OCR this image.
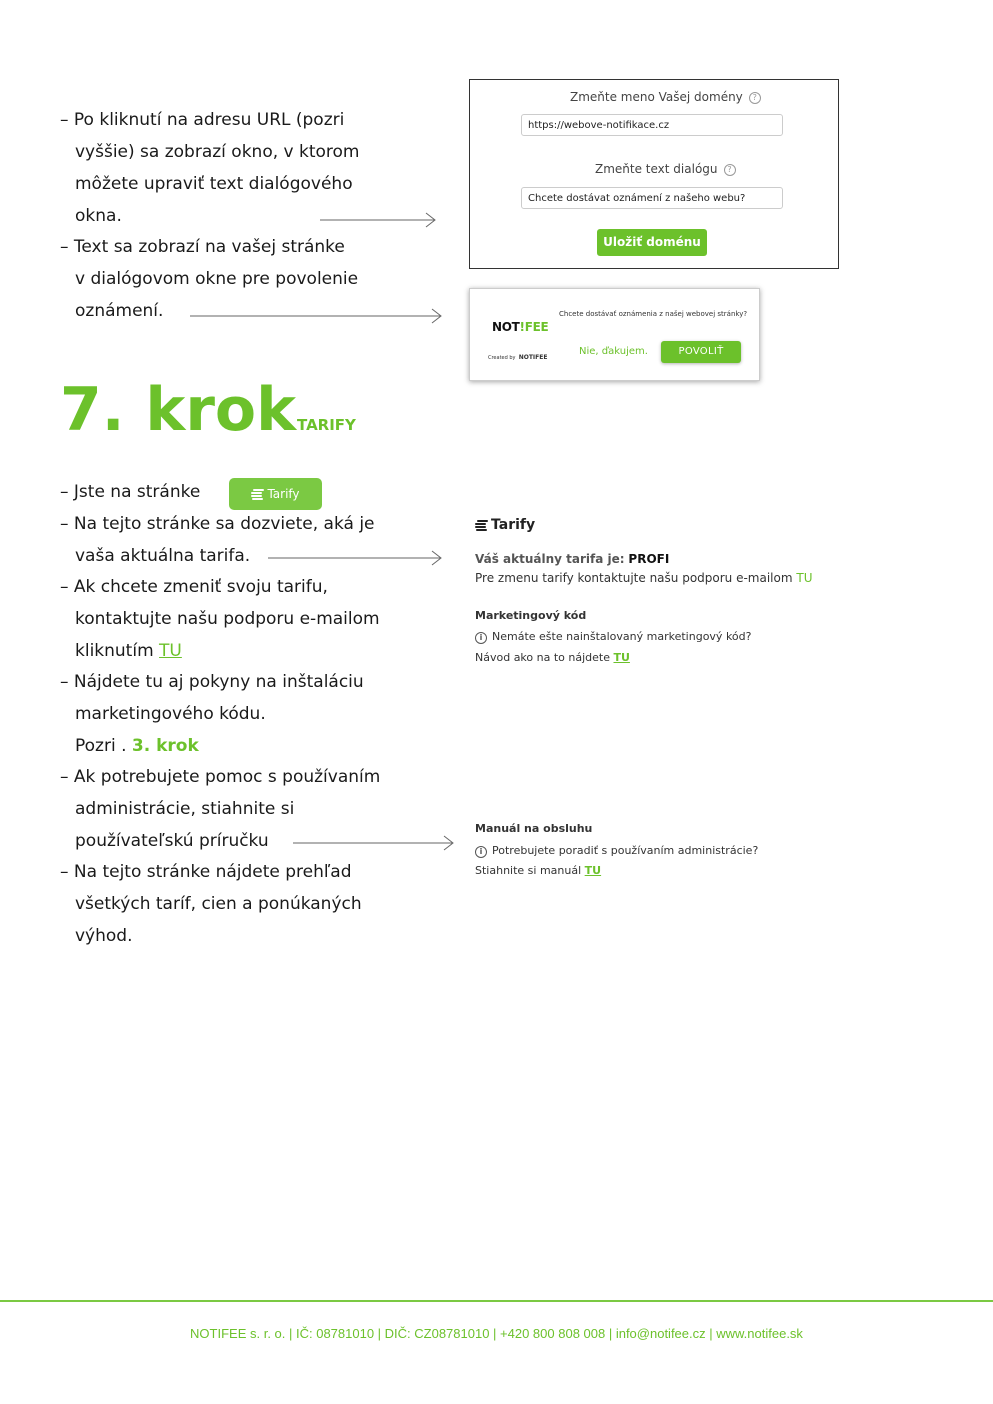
– Po kliknutí na adresu URL (pozri
vyššie) sa zobrazí okno, v ktorom
môžete upraviť text dialógového
okna.
– Text sa zobrazí na vašej stránke
v dialógovom okne pre povolenie
oznámení.
Zmeňte meno Vašej domény ?
https://webove-notifikace.cz
Zmeňte text dialógu ?
Chcete dostávat oznámení z našeho webu?
Uložiť doménu
Chcete dostávať oznámenia z našej webovej stránky?
NOT!FEE
Created by NOTIFEE
Nie, ďakujem.	POVOLIŤ
7. krok TARIFY
– Jste na stránke
– Na tejto stránke sa dozviete, aká je
vaša aktuálna tarifa.
– Ak chcete zmeniť svoju tarifu,
kontaktujte našu podporu e-mailom
kliknutím TU
– Nájdete tu aj pokyny na inštaláciu
marketingového kódu.
Pozri . 3. krok
– Ak potrebujete pomoc s používaním
administrácie, stiahnite si
používateľskú príručku
– Na tejto stránke nájdete prehľad
všetkých taríf, cien a ponúkaných
výhod.
Tarify
Tarify
Váš aktuálny tarifa je: PROFI
Pre zmenu tarify kontaktujte našu podporu e-mailom TU
Marketingový kód
i Nemáte ešte nainštalovaný marketingový kód?
Návod ako na to nájdete TU
Manuál na obsluhu
i Potrebujete poradiť s používaním administrácie?
Stiahnite si manuál TU
NOTIFEE s. r. o. | IČ: 08781010 | DIČ: CZ08781010 | +420 800 808 008 | info@notifee.cz | www.notifee.sk
